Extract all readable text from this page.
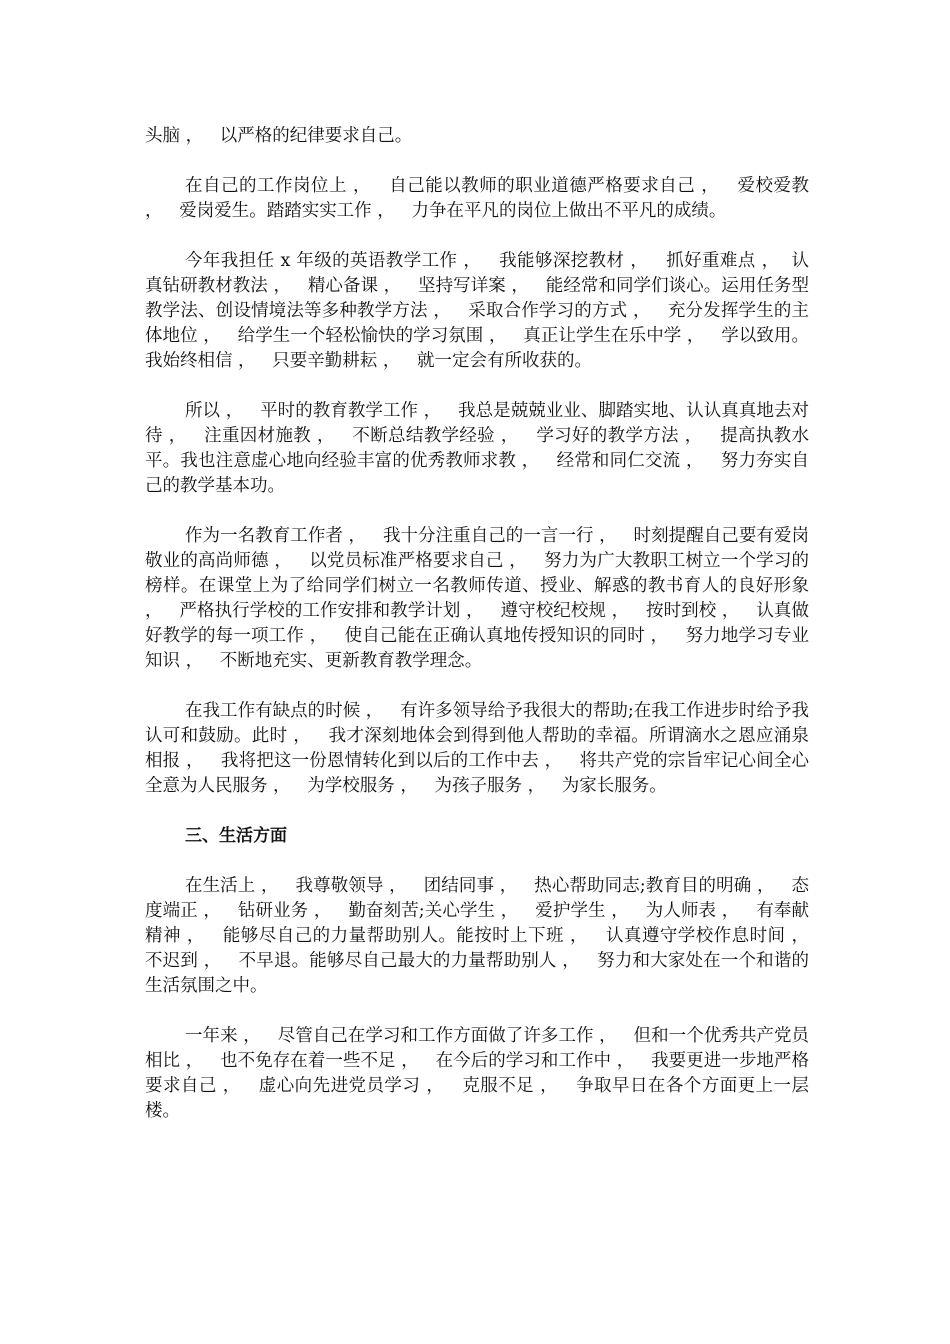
头脑 ，   以严格的纪律要求自己。

在自己的工作岗位上 ，   自己能以教师的职业道德严格要求自己 ，   爱校爱教 ，   爱岗爱生。踏踏实实工作 ，   力争在平凡的岗位上做出不平凡的成绩。

今年我担任 x 年级的英语教学工作 ，   我能够深挖教材 ，   抓好重难点 ，  认真钻研教材教法 ，   精心备课 ，   坚持写详案 ，   能经常和同学们谈心。运用任务型教学法、创设情境法等多种教学方法 ，   采取合作学习的方式 ，   充分发挥学生的主体地位 ，   给学生一个轻松愉快的学习氛围 ，   真正让学生在乐中学 ，   学以致用。我始终相信 ，   只要辛勤耕耘 ，   就一定会有所收获的。

所以 ，   平时的教育教学工作 ，   我总是兢兢业业、脚踏实地、认认真真地去对待 ，   注重因材施教 ，   不断总结教学经验 ，   学习好的教学方法 ，   提高执教水平。我也注意虚心地向经验丰富的优秀教师求教 ，   经常和同仁交流 ，   努力夯实自己的教学基本功。

作为一名教育工作者 ，   我十分注重自己的一言一行 ，   时刻提醒自己要有爱岗敬业的高尚师德 ，   以党员标准严格要求自己 ，   努力为广大教职工树立一个学习的榜样。在课堂上为了给同学们树立一名教师传道、授业、解惑的教书育人的良好形象 ，   严格执行学校的工作安排和教学计划 ，   遵守校纪校规 ，   按时到校 ，   认真做好教学的每一项工作 ，   使自己能在正确认真地传授知识的同时 ，   努力地学习专业知识 ，   不断地充实、更新教育教学理念。

在我工作有缺点的时候 ，   有许多领导给予我很大的帮助;在我工作进步时给予我认可和鼓励。此时 ，   我才深刻地体会到得到他人帮助的幸福。所谓滴水之恩应涌泉相报 ，   我将把这一份恩情转化到以后的工作中去 ，   将共产党的宗旨牢记心间全心全意为人民服务 ，   为学校服务 ，   为孩子服务 ，   为家长服务。

三、生活方面

在生活上 ，   我尊敬领导 ，   团结同事 ，   热心帮助同志;教育目的明确 ，   态度端正 ，   钻研业务 ，   勤奋刻苦;关心学生 ，   爱护学生 ，   为人师表 ，   有奉献精神 ，   能够尽自己的力量帮助别人。能按时上下班 ，   认真遵守学校作息时间 ，   不迟到 ，   不早退。能够尽自己最大的力量帮助别人 ，   努力和大家处在一个和谐的生活氛围之中。

一年来 ，   尽管自己在学习和工作方面做了许多工作 ，   但和一个优秀共产党员相比 ，   也不免存在着一些不足 ，   在今后的学习和工作中 ，   我要更进一步地严格要求自己 ，   虚心向先进党员学习 ，   克服不足 ，   争取早日在各个方面更上一层楼。
